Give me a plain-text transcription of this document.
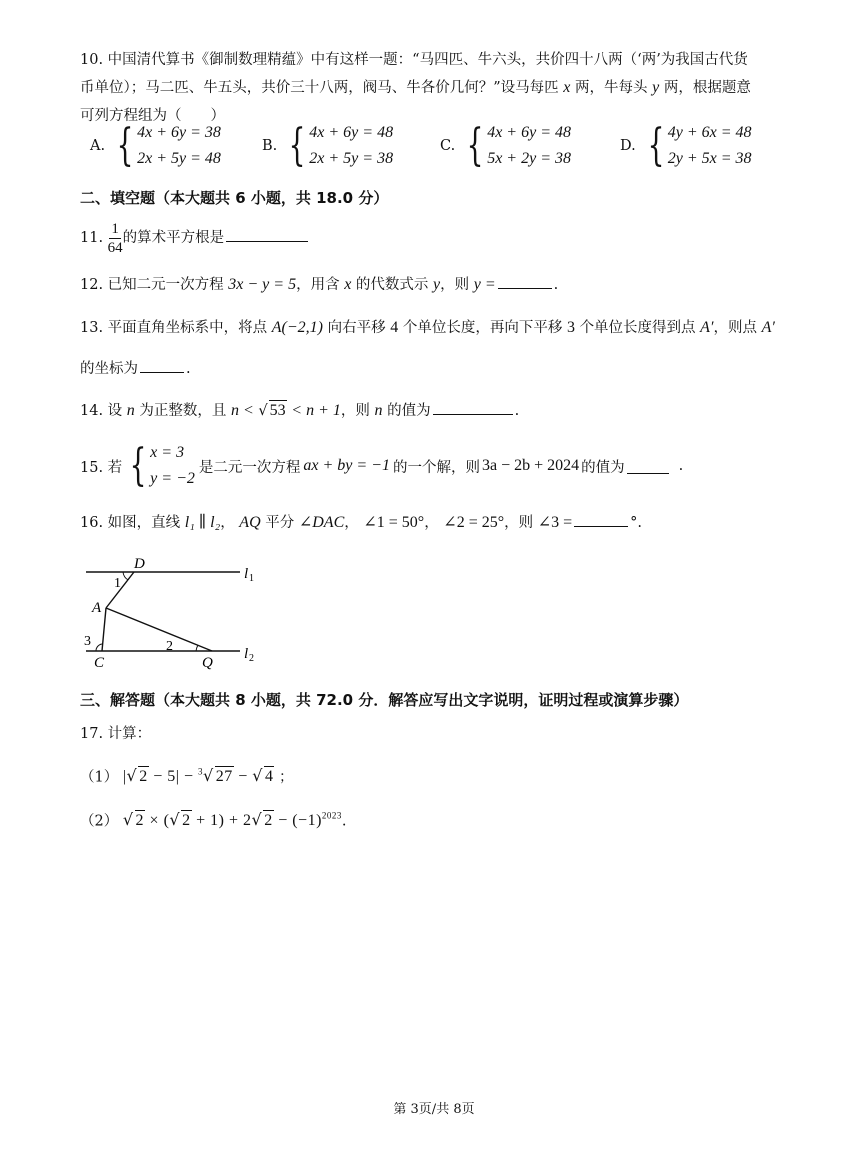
10. 中国清代算书《御制数理精蕴》中有这样一题：“马四匹、牛六头，共价四十八两（‘两’为我国古代货
币单位）；马二匹、牛五头，共价三十八两，阀马、牛各价几何？”设马每匹 x 两，牛每头 y 两，根据题意
可列方程组为（　　）
A. { 4x + 6y = 38
2x + 5y = 48
B. { 4x + 6y = 48
2x + 5y = 38
C. { 4x + 6y = 48
5x + 2y = 38
D. { 4y + 6x = 48
2y + 5x = 38
二、填空题（本大题共 6 小题，共 18.0 分）
11. $\frac{1}{64}$ 的算术平方根是
12. 已知二元一次方程 3x − y = 5，用含 x 的代数式示 y，则 y =	.
13. 平面直角坐标系中，将点 A(−2,1) 向右平移 4 个单位长度，再向下平移 3 个单位长度得到点 A′，则点 A′
的坐标为	.
14. 设 n 为正整数，且 n < √ 53 < n + 1，则 n 的值为	.
15. 若 { x = 3
y = −2
是二元一次方程 ax + by = −1 的一个解，则 3a − 2b + 2024 的值为	.
16. 如图，直线 l₁ ∥ l₂， AQ 平分 ∠DAC， ∠1 = 50°， ∠2 = 25°，则 ∠3 =	°.
D
A
C	Q
l 1
l 2
1
2
3
三、解答题（本大题共 8 小题，共 72.0 分．解答应写出文字说明，证明过程或演算步骤）
17. 计算：
（1） |√ 2 − 5| − $^3$√ 27 − √ 4 ；
（2） √ 2 × (√ 2 + 1) + 2√ $2 - (-1)^{2023}$.
第 3页/共 8页
